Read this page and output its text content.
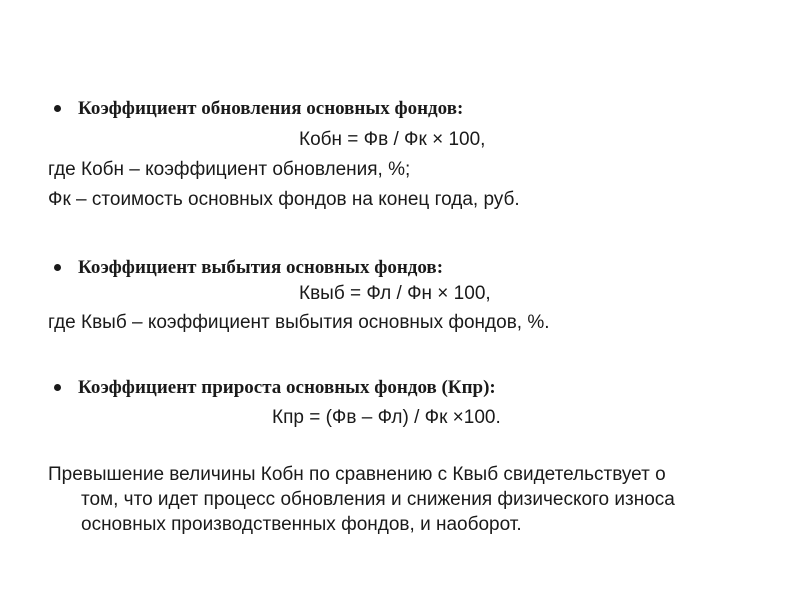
Коэффициент обновления основных фондов:
Кобн = Фв / Фк × 100,
где Кобн – коэффициент обновления, %;
Фк – стоимость основных фондов на конец года, руб.
Коэффициент выбытия основных фондов:
Квыб = Фл / Фн × 100,
где Квыб – коэффициент выбытия основных фондов, %.
Коэффициент прироста основных фондов (Кпр):
Кпр = (Фв – Фл) / Фк ×100.
Превышение величины Кобн по сравнению с Квыб свидетельствует о
том, что идет процесс обновления и снижения физического износа
основных производственных фондов, и наоборот.
